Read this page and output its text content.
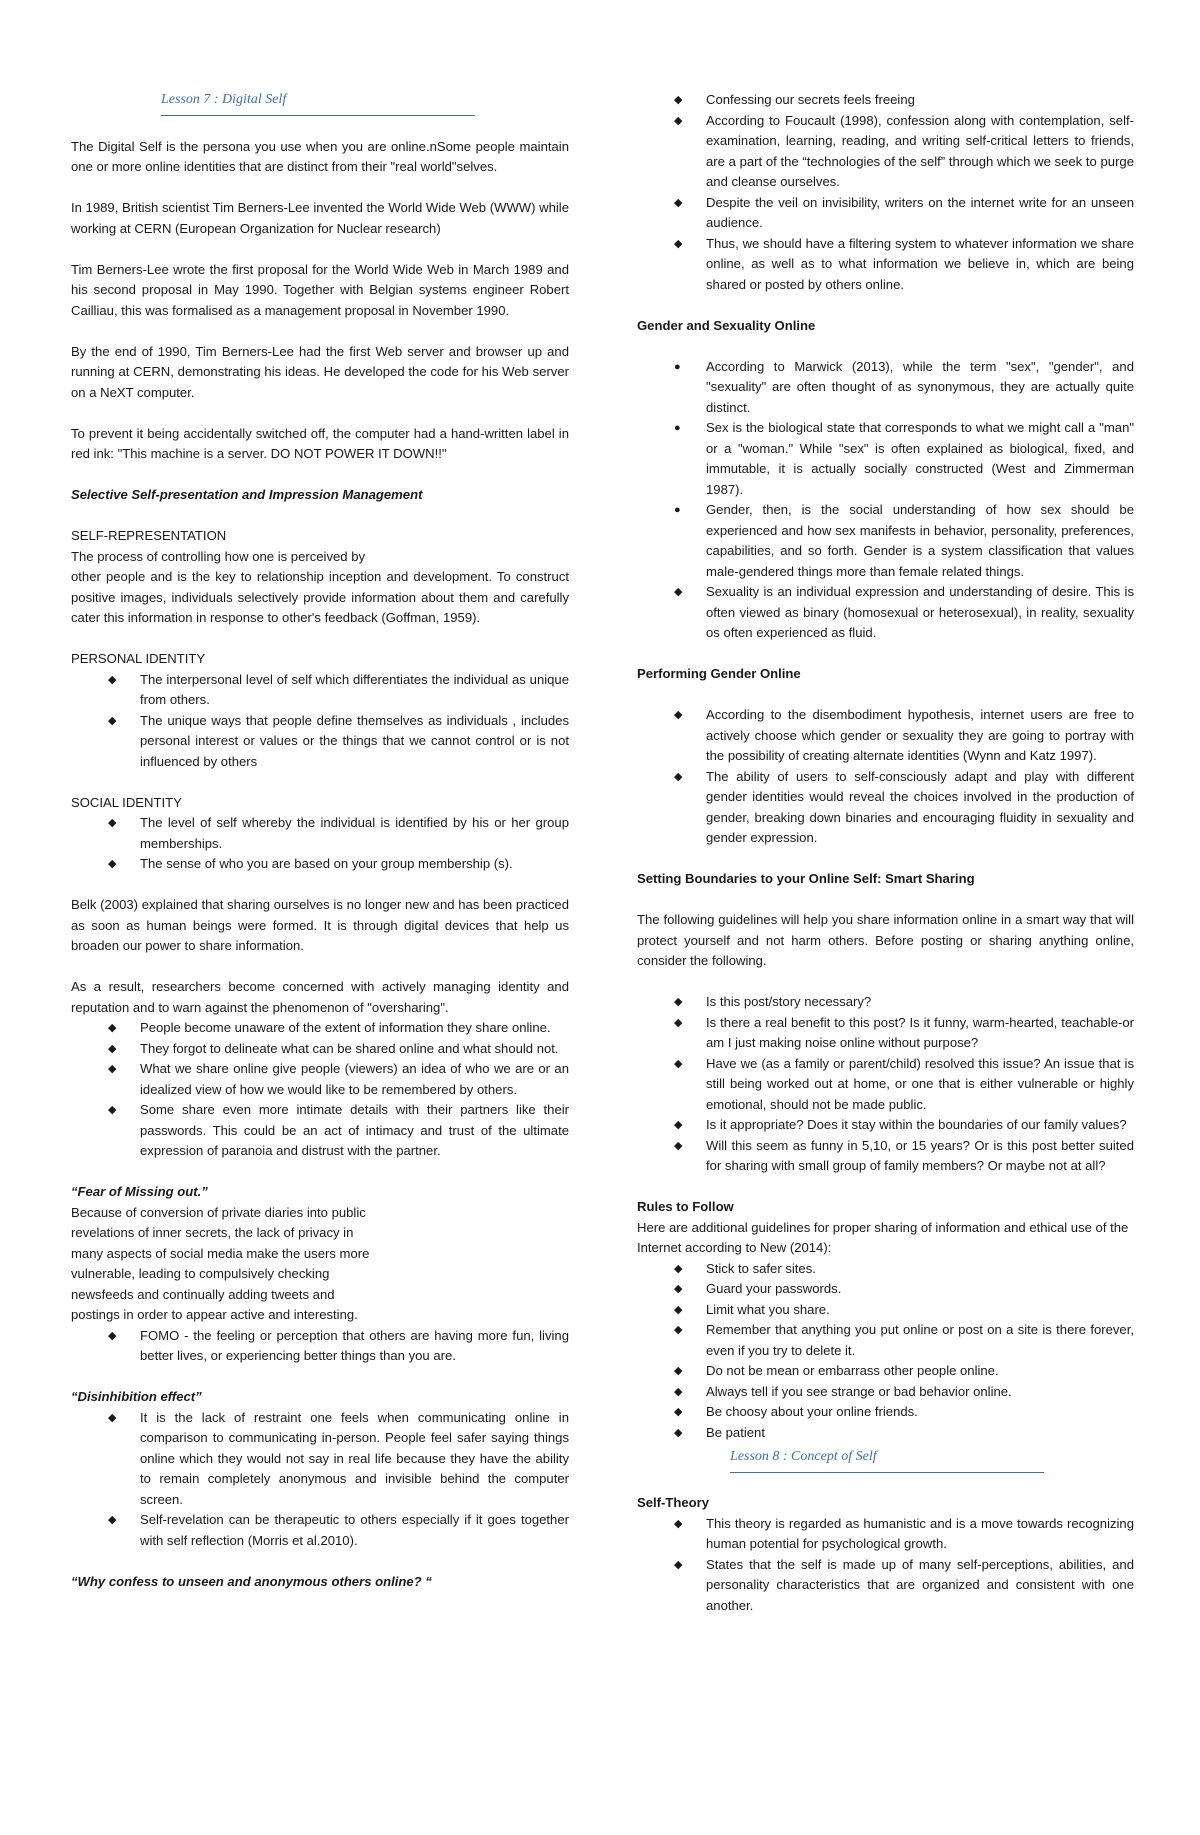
Lesson 7 : Digital Self

The Digital Self is the persona you use when you are online.nSome people maintain one or more online identities that are distinct from their "real world"selves.

In 1989, British scientist Tim Berners-Lee invented the World Wide Web (WWW) while working at CERN (European Organization for Nuclear research)

Tim Berners-Lee wrote the first proposal for the World Wide Web in March 1989 and his second proposal in May 1990. Together with Belgian systems engineer Robert Cailliau, this was formalised as a management proposal in November 1990.

By the end of 1990, Tim Berners-Lee had the first Web server and browser up and running at CERN, demonstrating his ideas. He developed the code for his Web server on a NeXT computer.

To prevent it being accidentally switched off, the computer had a hand-written label in red ink: "This machine is a server. DO NOT POWER IT DOWN!!"

Selective Self-presentation and Impression Management

SELF-REPRESENTATION

The process of controlling how one is perceived by

other people and is the key to relationship inception and development. To construct positive images, individuals selectively provide information about them and carefully cater this information in response to other's feedback (Goffman, 1959).

PERSONAL IDENTITY

◆ The interpersonal level of self which differentiates the individual as unique from others.
◆ The unique ways that people define themselves as individuals , includes personal interest or values or the things that we cannot control or is not influenced by others

SOCIAL IDENTITY

◆ The level of self whereby the individual is identified by his or her group memberships.
◆ The sense of who you are based on your group membership (s).

Belk (2003) explained that sharing ourselves is no longer new and has been practiced as soon as human beings were formed. It is through digital devices that help us broaden our power to share information.

As a result, researchers become concerned with actively managing identity and reputation and to warn against the phenomenon of "oversharing".

◆ People become unaware of the extent of information they share online.
◆ They forgot to delineate what can be shared online and what should not.
◆ What we share online give people (viewers) an idea of who we are or an idealized view of how we would like to be remembered by others.
◆ Some share even more intimate details with their partners like their passwords. This could be an act of intimacy and trust of the ultimate expression of paranoia and distrust with the partner.

“Fear of Missing out.”

Because of conversion of private diaries into public

revelations of inner secrets, the lack of privacy in

many aspects of social media make the users more

vulnerable, leading to compulsively checking

newsfeeds and continually adding tweets and

postings in order to appear active and interesting.

◆ FOMO - the feeling or perception that others are having more fun, living better lives, or experiencing better things than you are.

“Disinhibition effect”

◆ It is the lack of restraint one feels when communicating online in comparison to communicating in-person. People feel safer saying things online which they would not say in real life because they have the ability to remain completely anonymous and invisible behind the computer screen.
◆ Self-revelation can be therapeutic to others especially if it goes together with self reflection (Morris et al.2010).

“Why confess to unseen and anonymous others online? “

◆ Confessing our secrets feels freeing
◆ According to Foucault (1998), confession along with contemplation, self-examination, learning, reading, and writing self-critical letters to friends, are a part of the “technologies of the self” through which we seek to purge and cleanse ourselves.
◆ Despite the veil on invisibility, writers on the internet write for an unseen audience.
◆ Thus, we should have a filtering system to whatever information we share online, as well as to what information we believe in, which are being shared or posted by others online.

Gender and Sexuality Online

● According to Marwick (2013), while the term "sex", "gender", and "sexuality" are often thought of as synonymous, they are actually quite distinct.
● Sex is the biological state that corresponds to what we might call a "man" or a "woman." While "sex" is often explained as biological, fixed, and immutable, it is actually socially constructed (West and Zimmerman 1987).
● Gender, then, is the social understanding of how sex should be experienced and how sex manifests in behavior, personality, preferences, capabilities, and so forth. Gender is a system classification that values male-gendered things more than female related things.
◆ Sexuality is an individual expression and understanding of desire. This is often viewed as binary (homosexual or heterosexual), in reality, sexuality os often experienced as fluid.

Performing Gender Online

◆ According to the disembodiment hypothesis, internet users are free to actively choose which gender or sexuality they are going to portray with the possibility of creating alternate identities (Wynn and Katz 1997).
◆ The ability of users to self-consciously adapt and play with different gender identities would reveal the choices involved in the production of gender, breaking down binaries and encouraging fluidity in sexuality and gender expression.

Setting Boundaries to your Online Self: Smart Sharing

The following guidelines will help you share information online in a smart way that will protect yourself and not harm others. Before posting or sharing anything online, consider the following.

◆ Is this post/story necessary?
◆ Is there a real benefit to this post? Is it funny, warm-hearted, teachable-or am I just making noise online without purpose?
◆ Have we (as a family or parent/child) resolved this issue? An issue that is still being worked out at home, or one that is either vulnerable or highly emotional, should not be made public.
◆ Is it appropriate? Does it stay within the boundaries of our family values?
◆ Will this seem as funny in 5,10, or 15 years? Or is this post better suited for sharing with small group of family members? Or maybe not at all?

Rules to Follow

Here are additional guidelines for proper sharing of information and ethical use of the

Internet according to New (2014):

◆ Stick to safer sites.
◆ Guard your passwords.
◆ Limit what you share.
◆ Remember that anything you put online or post on a site is there forever, even if you try to delete it.
◆ Do not be mean or embarrass other people online.
◆ Always tell if you see strange or bad behavior online.
◆ Be choosy about your online friends.
◆ Be patient

Lesson 8 : Concept of Self

Self-Theory

◆ This theory is regarded as humanistic and is a move towards recognizing human potential for psychological growth.
◆ States that the self is made up of many self-perceptions, abilities, and personality characteristics that are organized and consistent with one another.
